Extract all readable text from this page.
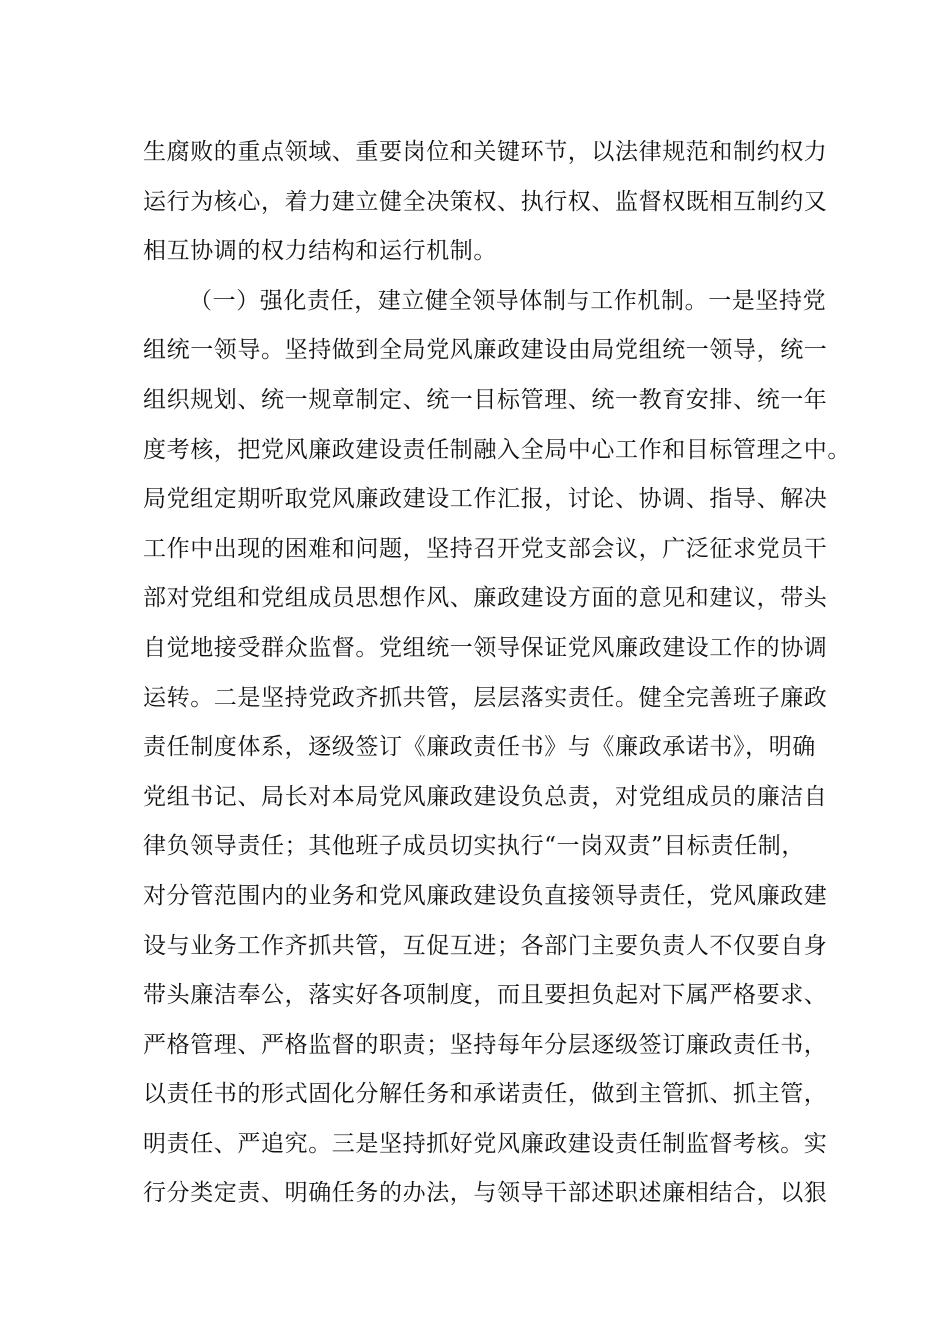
生腐败的重点领域、重要岗位和关键环节，以法律规范和制约权力
运行为核心，着力建立健全决策权、执行权、监督权既相互制约又
相互协调的权力结构和运行机制。
（一）强化责任，建立健全领导体制与工作机制。一是坚持党
组统一领导。坚持做到全局党风廉政建设由局党组统一领导，统一
组织规划、统一规章制定、统一目标管理、统一教育安排、统一年
度考核，把党风廉政建设责任制融入全局中心工作和目标管理之中。
局党组定期听取党风廉政建设工作汇报，讨论、协调、指导、解决
工作中出现的困难和问题，坚持召开党支部会议，广泛征求党员干
部对党组和党组成员思想作风、廉政建设方面的意见和建议，带头
自觉地接受群众监督。党组统一领导保证党风廉政建设工作的协调
运转。二是坚持党政齐抓共管，层层落实责任。健全完善班子廉政
责任制度体系，逐级签订《廉政责任书》与《廉政承诺书》，明确
党组书记、局长对本局党风廉政建设负总责，对党组成员的廉洁自
律负领导责任；其他班子成员切实执行“一岗双责”目标责任制，
对分管范围内的业务和党风廉政建设负直接领导责任，党风廉政建
设与业务工作齐抓共管，互促互进；各部门主要负责人不仅要自身
带头廉洁奉公，落实好各项制度，而且要担负起对下属严格要求、
严格管理、严格监督的职责；坚持每年分层逐级签订廉政责任书，
以责任书的形式固化分解任务和承诺责任，做到主管抓、抓主管，
明责任、严追究。三是坚持抓好党风廉政建设责任制监督考核。实
行分类定责、明确任务的办法，与领导干部述职述廉相结合，以狠
